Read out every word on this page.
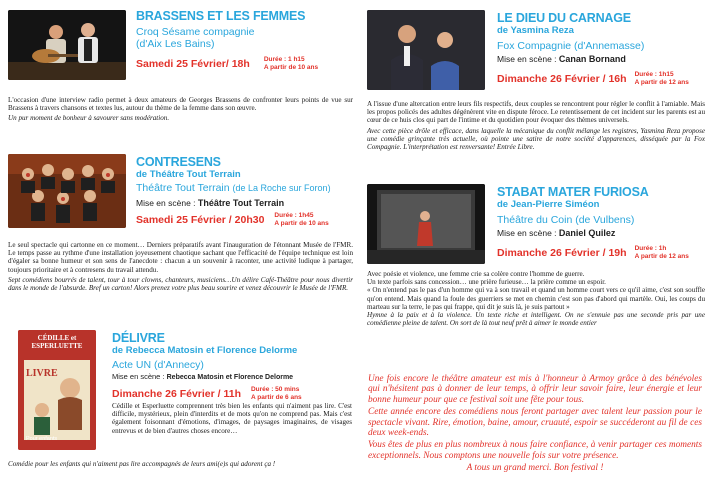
BRASSENS ET LES FEMMES
Croq Sésame compagnie
(d'Aix Les Bains)
Samedi 25 Février/ 18h Durée : 1 h15
A partir de 10 ans

L'occasion d'une interview radio permet à deux amateurs de Georges Brassens de confronter leurs points de vue sur Brassens à travers chansons et textes lus, autour du thème de la femme dans son œuvre.

Un pur moment de bonheur à savourer sans modération.

CONTRESENS
de Théâtre Tout Terrain
Théâtre Tout Terrain (de La Roche sur Foron)
Mise en scène : Théâtre Tout Terrain
Samedi 25 Février / 20h30 Durée : 1h45
A partir de 10 ans

Le seul spectacle qui cartonne en ce moment… Derniers préparatifs avant l'inauguration de l'étonnant Musée de l'FMR. Le temps passe au rythme d'une installation joyeusement chaotique sachant que l'efficacité de l'équipe technique est loin d'égaler sa bonne humeur et son sens de l'anecdote : chacun a un souvenir à raconter, une activité ludique à partager, toujours prioritaire et à contresens du travail attendu.

Sept comédiens bourrés de talent, tour à tour clowns, chanteurs, musiciens…Un délire Café-Théâtre pour nous divertir dans le monde de l'absurde. Bref un carton! Alors prenez votre plus beau sourire et venez découvrir le Musée de l'FMR.

CÉDILLE et ESPERLUETTE
LIVRE
Pour enfants
DÉLIVRE
de Rebecca Matosin et Florence Delorme
Acte UN (d'Annecy)
Mise en scène : Rebecca Matosin et Florence Delorme
Dimanche 26 Février / 11h Durée : 50 mins
A partir de 6 ans

Cédille et Esperluette comprennent très bien les enfants qui n'aiment pas lire. C'est difficile, mystérieux, plein d'interdits et de mots qu'on ne comprend pas. Mais c'est également foisonnant d'émotions, d'images, de paysages imaginaires, de visages entrevus et de bien d'autres choses encore…

Comédie pour les enfants qui n'aiment pas lire accompagnés de leurs ami(e)s qui adorent ça !

LE DIEU DU CARNAGE
de Yasmina Reza
Fox Compagnie (d'Annemasse)
Mise en scène : Canan Bornand
Dimanche 26 Février / 16h Durée : 1h15
A partir de 12 ans

A l'issue d'une altercation entre leurs fils respectifs, deux couples se rencontrent pour régler le conflit à l'amiable. Mais les propos policés des adultes dégénèrent vite en dispute féroce. Le retentissement de cet incident sur les parents est au cœur de ce huis clos qui part de l'intime et du quotidien pour évoquer des thèmes universels.

Avec cette pièce drôle et efficace, dans laquelle la mécanique du conflit mélange les registres, Yasmina Reza propose une comédie grinçante très actuelle, où pointe une satire de notre société d'apparences, disséquée par la Fox Compagnie. L'interprétation est renversante! Entrée Libre.

STABAT MATER FURIOSA
de Jean-Pierre Siméon
Théâtre du Coin (de Vulbens)
Mise en scène : Daniel Quilez
Dimanche 26 Février / 19h Durée : 1h
A partir de 12 ans

Avec poésie et violence, une femme crie sa colère contre l'homme de guerre.

Un texte parfois sans concession… une prière furieuse… la prière comme un espoir.

« On n'entend pas le pas d'un homme qui va à son travail et quand un homme court vers ce qu'il aime, c'est son souffle qu'on entend. Mais quand la foule des guerriers se met en chemin c'est son pas d'abord qui martèle. Oui, les coups du marteau sur la terre, le pas qui frappe, qui dit je suis là, je suis partout »

Hymne à la paix et à la violence. Un texte riche et intelligent. On ne s'ennuie pas une seconde pris par une comédienne pleine de talent. On sort de là tout neuf prêt à aimer le monde entier

Une fois encore le théâtre amateur est mis à l'honneur à Armoy grâce à des bénévoles qui n'hésitent pas à donner de leur temps, à offrir leur savoir faire, leur énergie et leur bonne humeur pour que ce festival soit une fête pour tous.

Cette année encore des comédiens nous feront partager avec talent leur passion pour le spectacle vivant. Rire, émotion, baine, amour, cruauté, espoir se succéderont au fil de ces deux week-ends.

Vous êtes de plus en plus nombreux à nous faire confiance, à venir partager ces moments exceptionnels. Nous comptons une nouvelle fois sur votre présence.

A tous un grand merci. Bon festival !
